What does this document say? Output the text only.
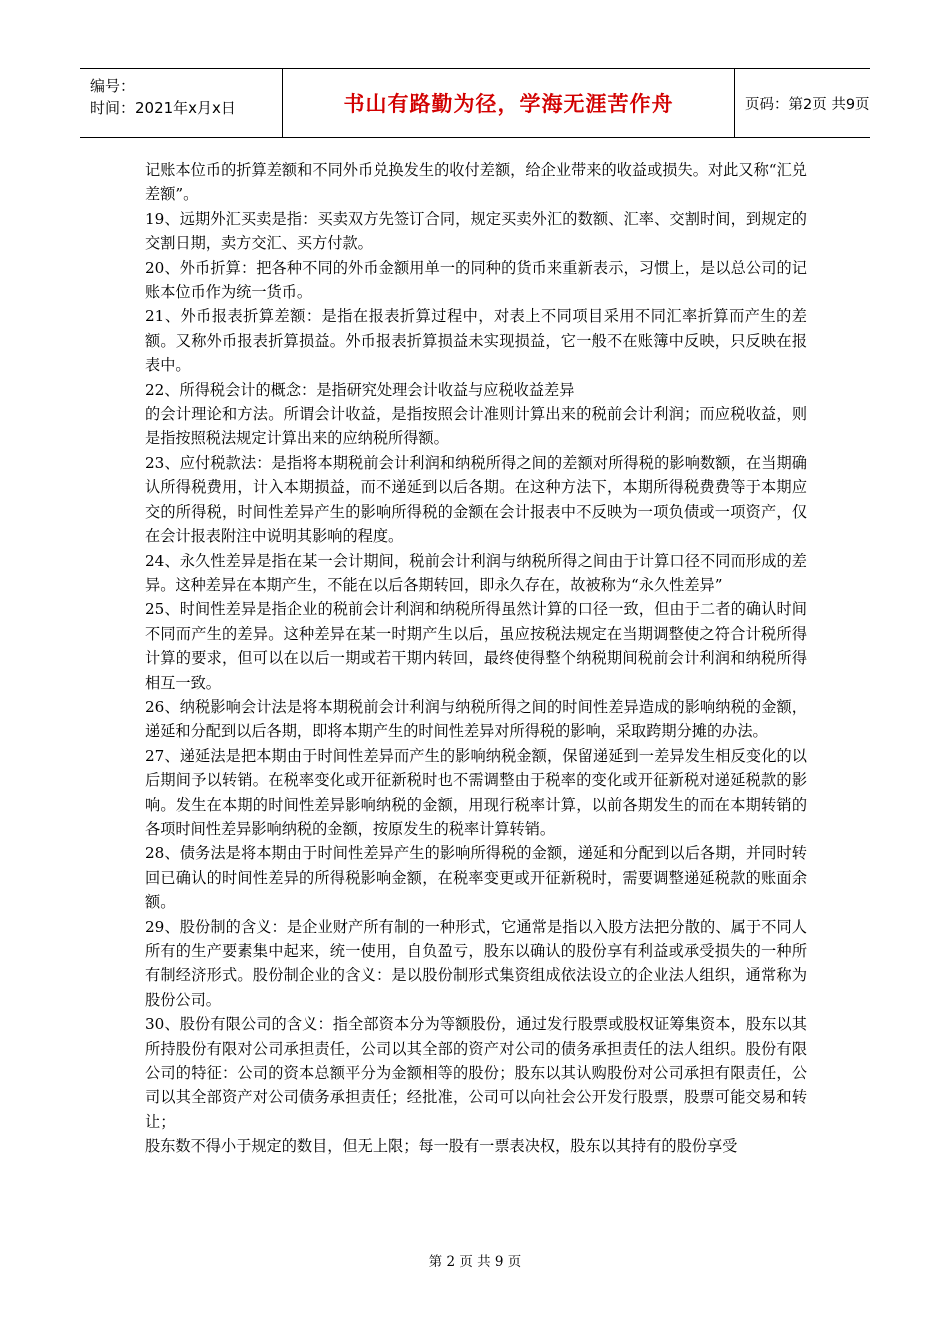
编号：
时间：2021年x月x日	书山有路勤为径，学海无涯苦作舟	页码：第2页 共9页

记账本位币的折算差额和不同外币兑换发生的收付差额，给企业带来的收益或损失。对此又称“汇兑差额”。

19、远期外汇买卖是指：买卖双方先签订合同，规定买卖外汇的数额、汇率、交割时间，到规定的交割日期，卖方交汇、买方付款。

20、外币折算：把各种不同的外币金额用单一的同种的货币来重新表示，习惯上，是以总公司的记账本位币作为统一货币。

21、外币报表折算差额：是指在报表折算过程中，对表上不同项目采用不同汇率折算而产生的差额。又称外币报表折算损益。外币报表折算损益未实现损益，它一般不在账簿中反映，只反映在报表中。

22、所得税会计的概念：是指研究处理会计收益与应税收益差异

的会计理论和方法。所谓会计收益，是指按照会计准则计算出来的税前会计利润；而应税收益，则是指按照税法规定计算出来的应纳税所得额。

23、应付税款法：是指将本期税前会计利润和纳税所得之间的差额对所得税的影响数额，在当期确认所得税费用，计入本期损益，而不递延到以后各期。在这种方法下，本期所得税费费等于本期应交的所得税，时间性差异产生的影响所得税的金额在会计报表中不反映为一项负债或一项资产，仅在会计报表附注中说明其影响的程度。

24、永久性差异是指在某一会计期间，税前会计利润与纳税所得之间由于计算口径不同而形成的差异。这种差异在本期产生，不能在以后各期转回，即永久存在，故被称为“永久性差异”

25、时间性差异是指企业的税前会计利润和纳税所得虽然计算的口径一致，但由于二者的确认时间不同而产生的差异。这种差异在某一时期产生以后，虽应按税法规定在当期调整使之符合计税所得计算的要求，但可以在以后一期或若干期内转回，最终使得整个纳税期间税前会计利润和纳税所得相互一致。

26、纳税影响会计法是将本期税前会计利润与纳税所得之间的时间性差异造成的影响纳税的金额，递延和分配到以后各期，即将本期产生的时间性差异对所得税的影响，采取跨期分摊的办法。

27、递延法是把本期由于时间性差异而产生的影响纳税金额，保留递延到一差异发生相反变化的以后期间予以转销。在税率变化或开征新税时也不需调整由于税率的变化或开征新税对递延税款的影响。发生在本期的时间性差异影响纳税的金额，用现行税率计算，以前各期发生的而在本期转销的各项时间性差异影响纳税的金额，按原发生的税率计算转销。

28、债务法是将本期由于时间性差异产生的影响所得税的金额，递延和分配到以后各期，并同时转回已确认的时间性差异的所得税影响金额，在税率变更或开征新税时，需要调整递延税款的账面余额。

29、股份制的含义：是企业财产所有制的一种形式，它通常是指以入股方法把分散的、属于不同人所有的生产要素集中起来，统一使用，自负盈亏，股东以确认的股份享有利益或承受损失的一种所有制经济形式。股份制企业的含义：是以股份制形式集资组成依法设立的企业法人组织，通常称为股份公司。

30、股份有限公司的含义：指全部资本分为等额股份，通过发行股票或股权证筹集资本，股东以其所持股份有限对公司承担责任，公司以其全部的资产对公司的债务承担责任的法人组织。股份有限公司的特征：公司的资本总额平分为金额相等的股份；股东以其认购股份对公司承担有限责任，公司以其全部资产对公司债务承担责任；经批准，公司可以向社会公开发行股票，股票可能交易和转让；

股东数不得小于规定的数目，但无上限；每一股有一票表决权，股东以其持有的股份享受

第 2 页 共 9 页
